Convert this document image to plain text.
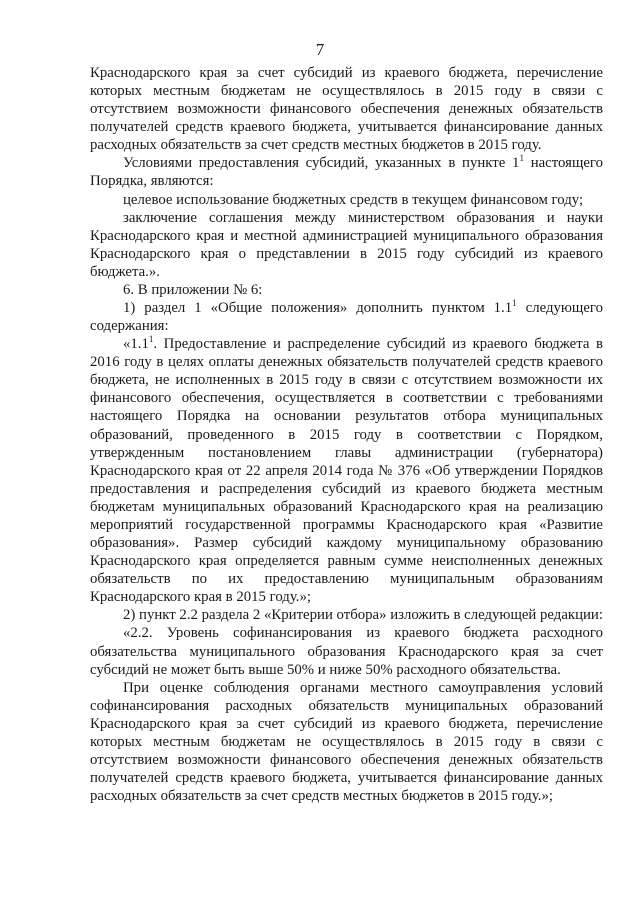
7

Краснодарского края за счет субсидий из краевого бюджета, перечисление которых местным бюджетам не осуществлялось в 2015 году в связи с отсутствием возможности финансового обеспечения денежных обязательств получателей средств краевого бюджета, учитывается финансирование данных расходных обязательств за счет средств местных бюджетов в 2015 году.

Условиями предоставления субсидий, указанных в пункте $1^1$ настоящего Порядка, являются:

целевое использование бюджетных средств в текущем финансовом году;

заключение соглашения между министерством образования и науки Краснодарского края и местной администрацией муниципального образования Краснодарского края о представлении в 2015 году субсидий из краевого бюджета.».

6. В приложении № 6:

1) раздел 1 «Общие положения» дополнить пунктом $1.1^1$ следующего содержания:

«$1.1^1$. Предоставление и распределение субсидий из краевого бюджета в 2016 году в целях оплаты денежных обязательств получателей средств краевого бюджета, не исполненных в 2015 году в связи с отсутствием возможности их финансового обеспечения, осуществляется в соответствии с требованиями настоящего Порядка на основании результатов отбора муниципальных образований, проведенного в 2015 году в соответствии с Порядком, утвержденным постановлением главы администрации (губернатора) Краснодарского края от 22 апреля 2014 года № 376 «Об утверждении Порядков предоставления и распределения субсидий из краевого бюджета местным бюджетам муниципальных образований Краснодарского края на реализацию мероприятий государственной программы Краснодарского края «Развитие образования». Размер субсидий каждому муниципальному образованию Краснодарского края определяется равным сумме неисполненных денежных обязательств по их предоставлению муниципальным образованиям Краснодарского края в 2015 году.»;

2) пункт 2.2 раздела 2 «Критерии отбора» изложить в следующей редакции:

«2.2. Уровень софинансирования из краевого бюджета расходного обязательства муниципального образования Краснодарского края за счет субсидий не может быть выше 50% и ниже 50% расходного обязательства.

При оценке соблюдения органами местного самоуправления условий софинансирования расходных обязательств муниципальных образований Краснодарского края за счет субсидий из краевого бюджета, перечисление которых местным бюджетам не осуществлялось в 2015 году в связи с отсутствием возможности финансового обеспечения денежных обязательств получателей средств краевого бюджета, учитывается финансирование данных расходных обязательств за счет средств местных бюджетов в 2015 году.»;
